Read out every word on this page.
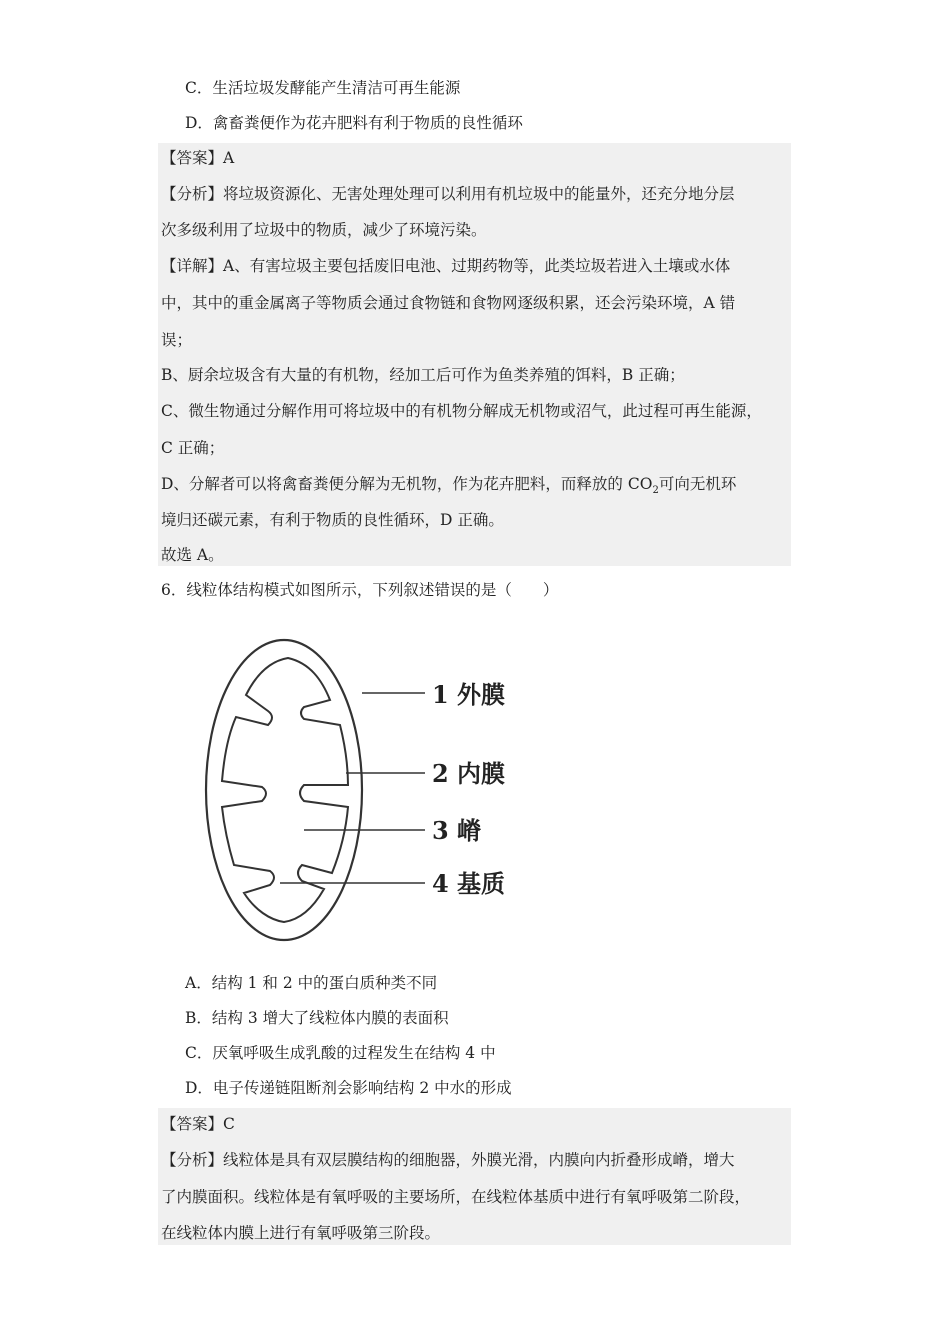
C．生活垃圾发酵能产生清洁可再生能源
D．禽畜粪便作为花卉肥料有利于物质的良性循环
【答案】A
【分析】将垃圾资源化、无害处理处理可以利用有机垃圾中的能量外，还充分地分层
次多级利用了垃圾中的物质，减少了环境污染。
【详解】A、有害垃圾主要包括废旧电池、过期药物等，此类垃圾若进入土壤或水体
中，其中的重金属离子等物质会通过食物链和食物网逐级积累，还会污染环境，A 错
误；
B、厨余垃圾含有大量的有机物，经加工后可作为鱼类养殖的饵料，B 正确；
C、微生物通过分解作用可将垃圾中的有机物分解成无机物或沼气，此过程可再生能源，
C 正确；
D、分解者可以将禽畜粪便分解为无机物，作为花卉肥料，而释放的 $CO_2$可向无机环
境归还碳元素，有利于物质的良性循环，D 正确。
故选 A。
6．线粒体结构模式如图所示，下列叙述错误的是（　　）
1 外膜
2 内膜
3 嵴
4 基质
A．结构 1 和 2 中的蛋白质种类不同
B．结构 3 增大了线粒体内膜的表面积
C．厌氧呼吸生成乳酸的过程发生在结构 4 中
D．电子传递链阻断剂会影响结构 2 中水的形成
【答案】C
【分析】线粒体是具有双层膜结构的细胞器，外膜光滑，内膜向内折叠形成嵴，增大
了内膜面积。线粒体是有氧呼吸的主要场所，在线粒体基质中进行有氧呼吸第二阶段，
在线粒体内膜上进行有氧呼吸第三阶段。
